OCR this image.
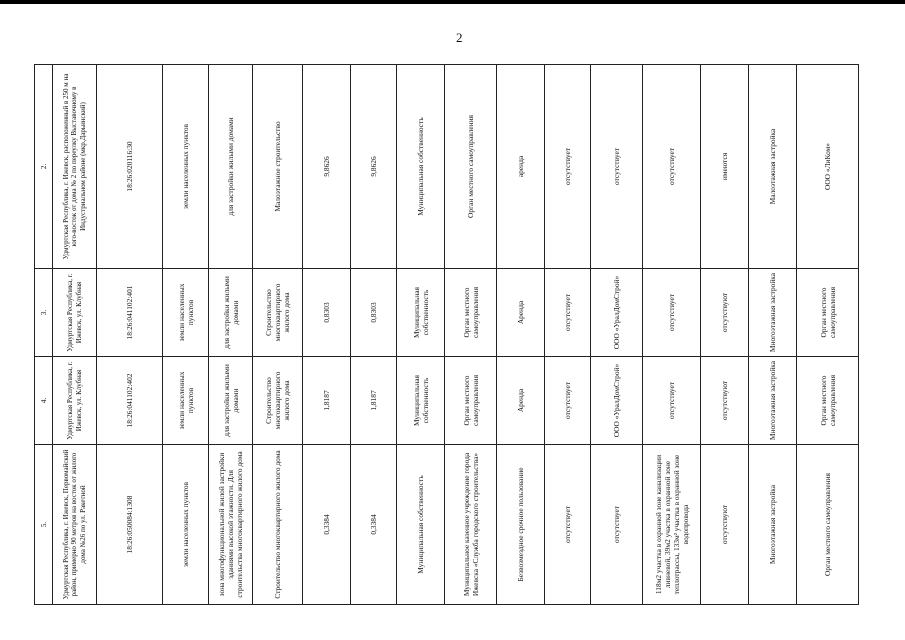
2
5.	4.	3.	2.
Удмуртская Республика, г. Ижевск, Первомайский район, примерно 90 метров на восток от жилого дома №26 по ул. Ракетной	Удмуртская Республика, г. Ижевск, ул. Клубная	Удмуртская Республика, г. Ижевск, ул. Клубная	Удмуртская Республика, г. Ижевск, расположенный в 250 м на юго-восток от дома № 2 по переулку Выставочному в Индустриальном районе (мкр.Дарьинский)
18:26:050084:1308	18:26:041102:402	18:26:041102:401	18:26:020116:30
земли населенных пунктов	земли населенных пунктов	земли населенных пунктов	земли населенных пунктов
зона многофункциональной жилой застройки зданиями высокой этажности. Для строительства многоквартирного жилого дома	для застройки жилыми домами	для застройки жилыми домами	для застройки жилыми домами
Строительство многоквартирного жилого дома	Строительство многоквартирного жилого дома	Строительство многоквартирного жилого дома	Малоэтажное строительство
0,3384	1,8187	0,8303	9,8626
0,3384	1,8187	0,8303	9,8626
Муниципальная собственность	Муниципальная собственность	Муниципальная собственность	Муниципальная собственность
Муниципальное казенное учреждение города Ижевска «Служба городского строительства»	Орган местного самоуправления	Орган местного самоуправления	Орган местного самоуправления
Безвозмездное срочное пользование	Аренда	Аренда	аренда
отсутствует	отсутствует	отсутствует	отсутствует
отсутствует	ООО «УралДомСтрой»	ООО «УралДомСтрой»	отсутствует
118м2 участка в охранной зоне канализации ливневой, 39м2 участка в охранной зоне теплотрассы, 133м² участка в охранной зоне водопровода	отсутствует	отсутствует	отсутствует
отсутствуют	отсутствуют	отсутствуют	имеются
Многоэтажная застройка	Многоэтажная застройка	Многоэтажная застройка	Малоэтажная застройка
Орган местного самоуправления	Орган местного самоуправления	Орган местного самоуправления	ООО «ЛиКом»
